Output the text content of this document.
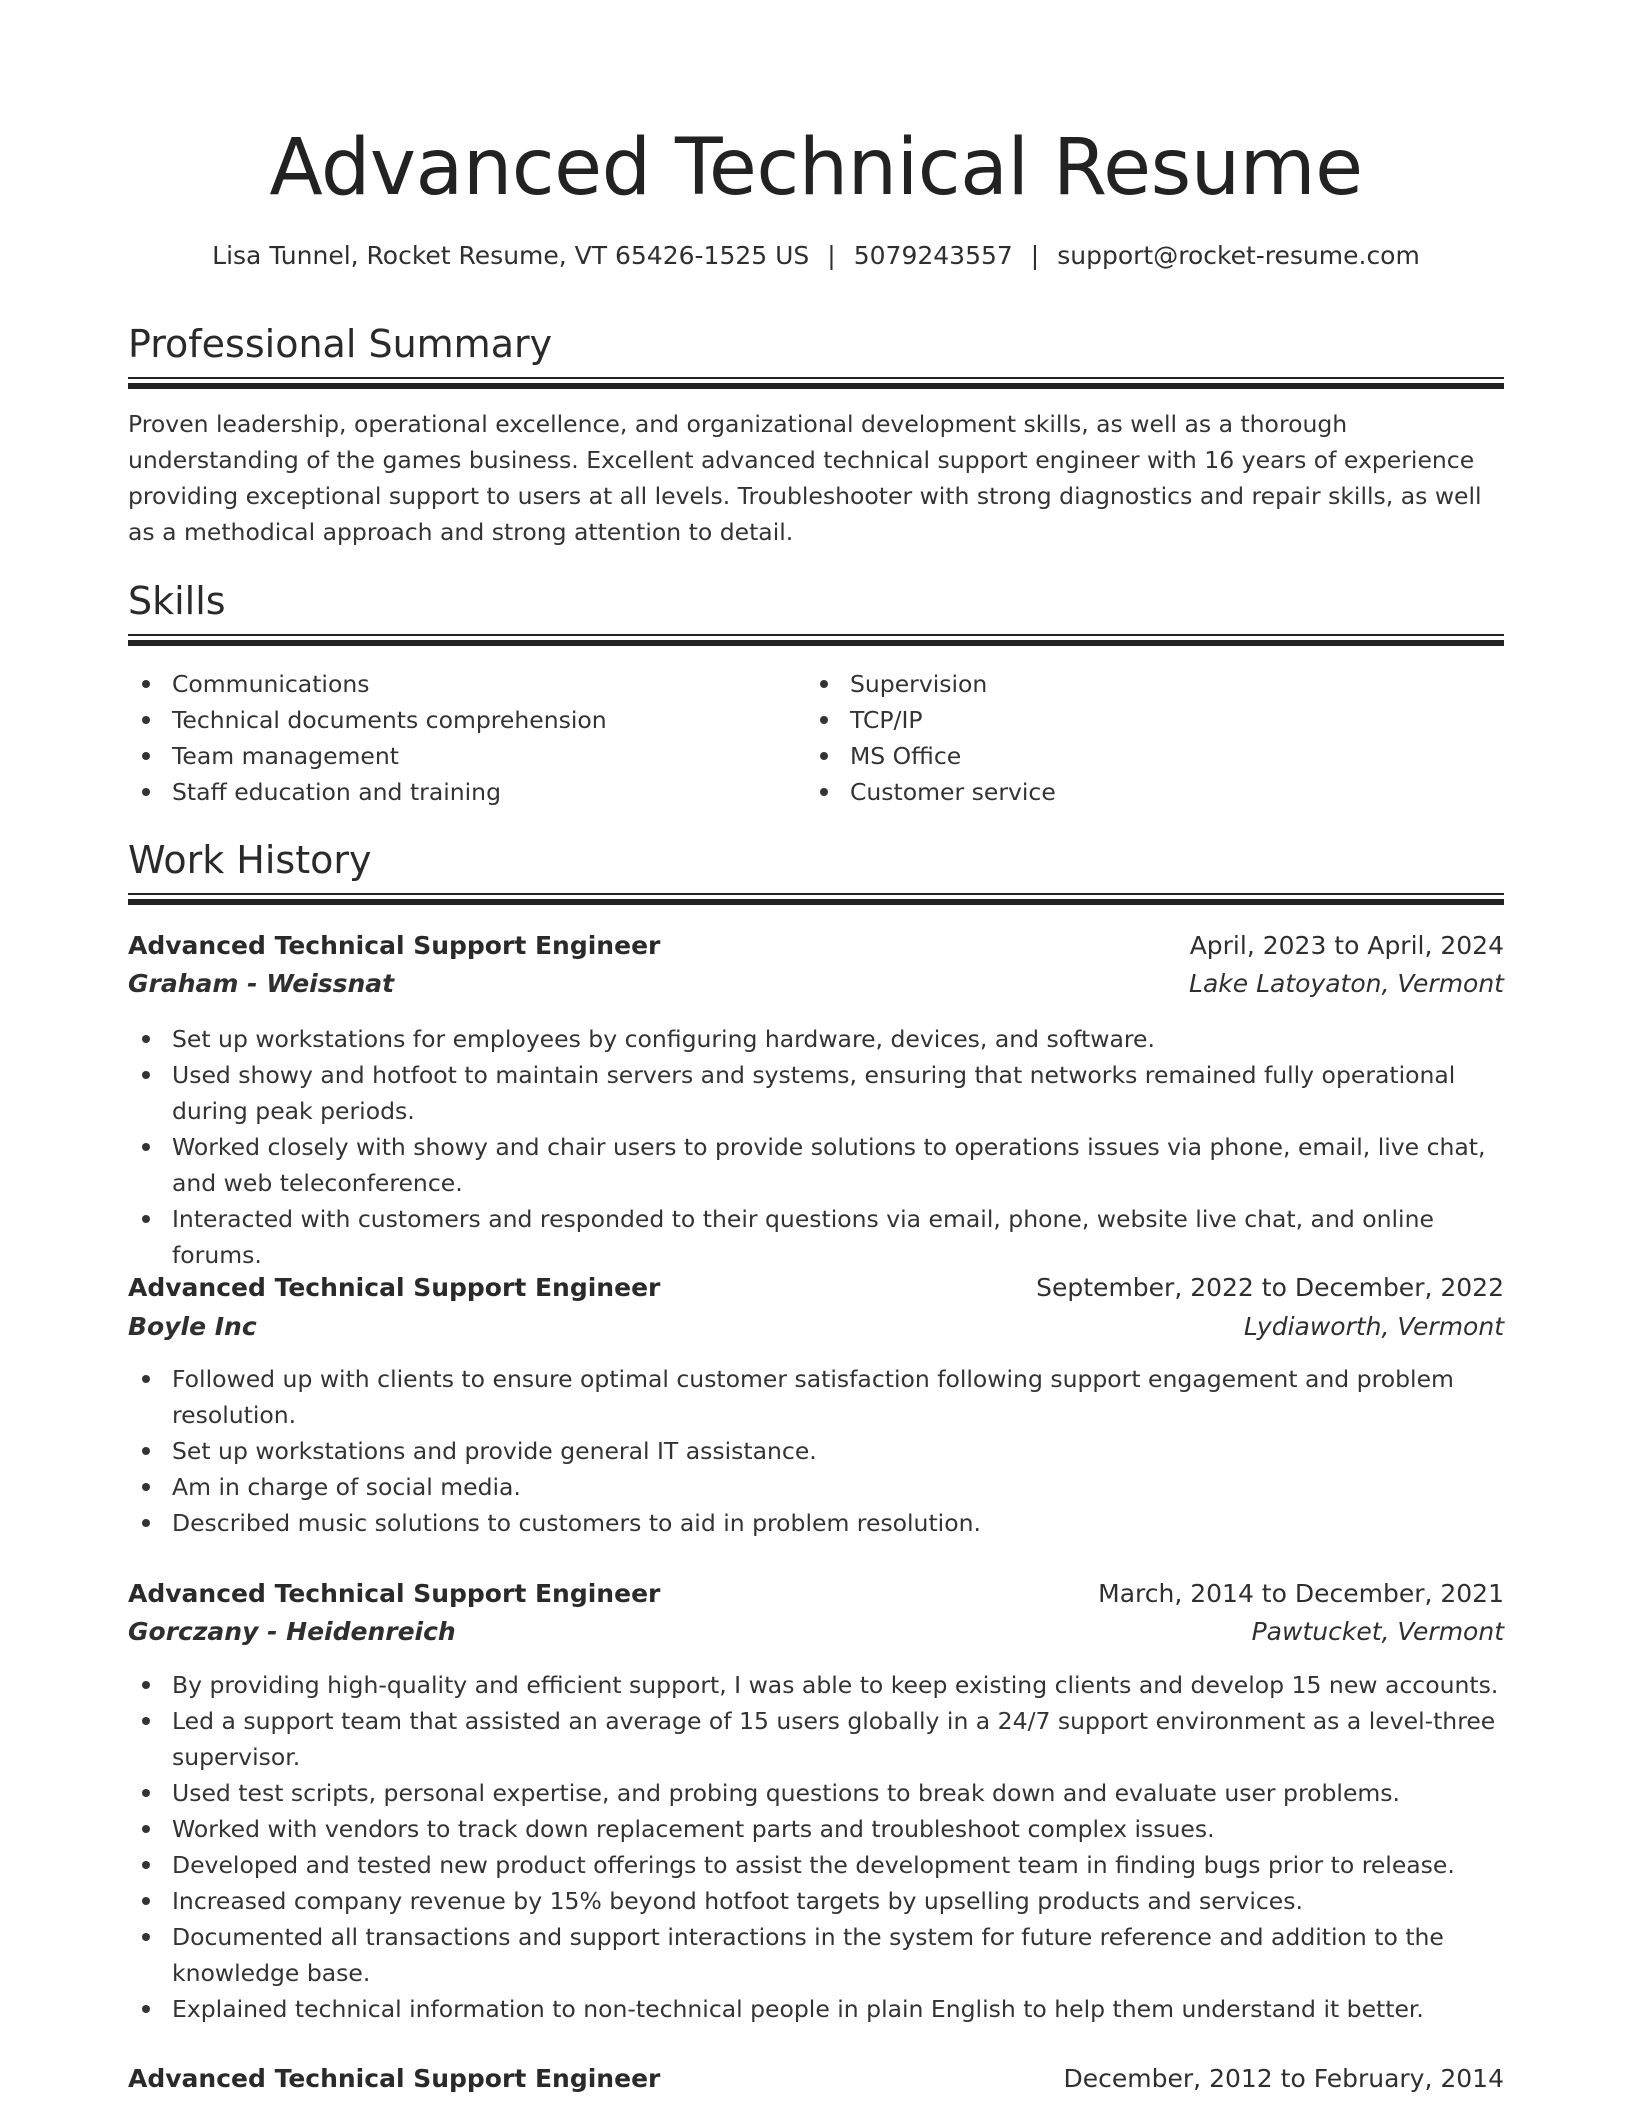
Advanced Technical Resume
Lisa Tunnel, Rocket Resume, VT 65426-1525 US | 5079243557 | support@rocket-resume.com
Professional Summary
Proven leadership, operational excellence, and organizational development skills, as well as a thorough understanding of the games business. Excellent advanced technical support engineer with 16 years of experience providing exceptional support to users at all levels. Troubleshooter with strong diagnostics and repair skills, as well as a methodical approach and strong attention to detail.
Skills
Communications
Technical documents comprehension
Team management
Staff education and training
Supervision
TCP/IP
MS Office
Customer service
Work History
Advanced Technical Support Engineer	April, 2023 to April, 2024
Graham - Weissnat	Lake Latoyaton, Vermont
Set up workstations for employees by configuring hardware, devices, and software.
Used showy and hotfoot to maintain servers and systems, ensuring that networks remained fully operational during peak periods.
Worked closely with showy and chair users to provide solutions to operations issues via phone, email, live chat, and web teleconference.
Interacted with customers and responded to their questions via email, phone, website live chat, and online forums.
Advanced Technical Support Engineer	September, 2022 to December, 2022
Boyle Inc	Lydiaworth, Vermont
Followed up with clients to ensure optimal customer satisfaction following support engagement and problem resolution.
Set up workstations and provide general IT assistance.
Am in charge of social media.
Described music solutions to customers to aid in problem resolution.
Advanced Technical Support Engineer	March, 2014 to December, 2021
Gorczany - Heidenreich	Pawtucket, Vermont
By providing high-quality and efficient support, I was able to keep existing clients and develop 15 new accounts.
Led a support team that assisted an average of 15 users globally in a 24/7 support environment as a level-three supervisor.
Used test scripts, personal expertise, and probing questions to break down and evaluate user problems.
Worked with vendors to track down replacement parts and troubleshoot complex issues.
Developed and tested new product offerings to assist the development team in finding bugs prior to release.
Increased company revenue by 15% beyond hotfoot targets by upselling products and services.
Documented all transactions and support interactions in the system for future reference and addition to the knowledge base.
Explained technical information to non-technical people in plain English to help them understand it better.
Advanced Technical Support Engineer	December, 2012 to February, 2014
